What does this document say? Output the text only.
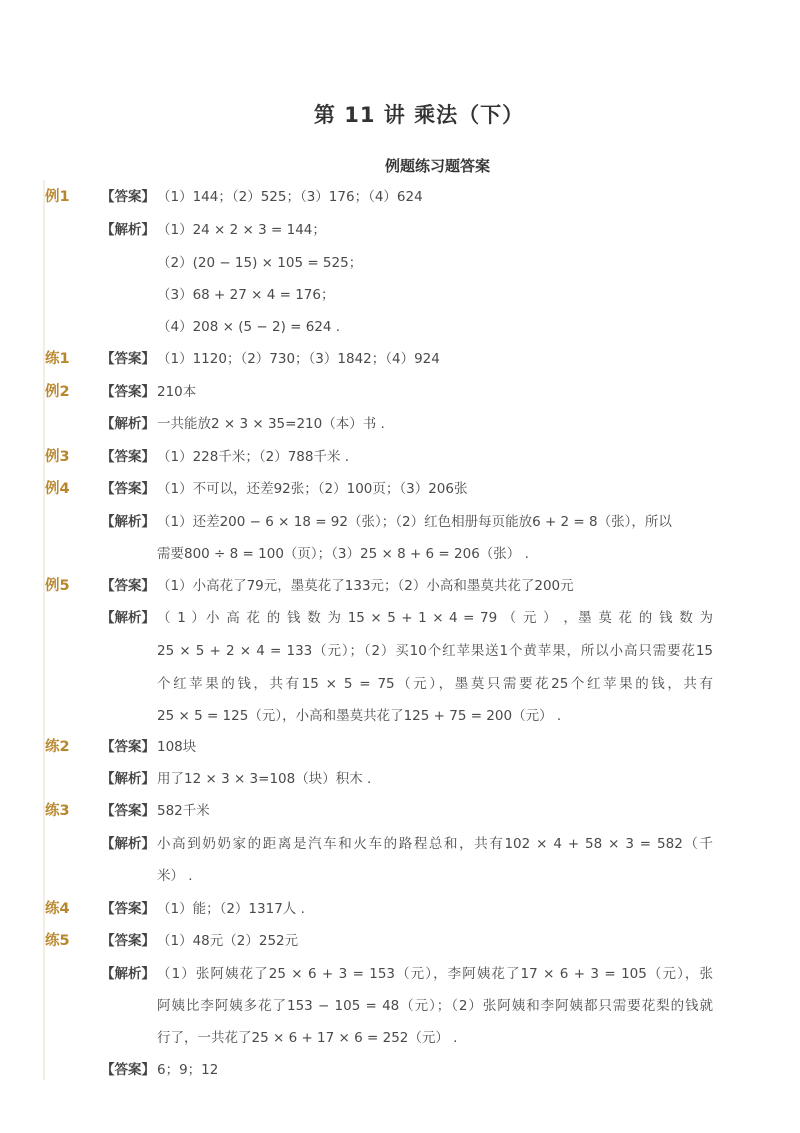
第 11 讲 乘法（下）
例题练习题答案
例1 【答案】 （1）144；（2）525；（3）176；（4）624
【解析】 （1）24 × 2 × 3 = 144；
（2）(20 − 15) × 105 = 525；
（3）68 + 27 × 4 = 176；
（4）208 × (5 − 2) = 624 .
练1 【答案】 （1）1120；（2）730；（3）1842；（4）924
例2 【答案】 210本
【解析】 一共能放2 × 3 × 35=210（本）书 .
例3 【答案】 （1）228千米；（2）788千米 .
例4 【答案】 （1）不可以，还差92张；（2）100页；（3）206张
【解析】 （1）还差200 − 6 × 18 = 92（张）；（2）红色相册每页能放6 + 2 = 8（张），所以
需要800 ÷ 8 = 100（页）；（3）25 × 8 + 6 = 206（张） .
例5 【答案】 （1）小高花了79元，墨莫花了133元；（2）小高和墨莫共花了200元
【解析】 （ 1 ）小 高 花 的 钱 数 为 15 × 5 + 1 × 4 = 79 （ 元 ） ，墨 莫 花 的 钱 数 为
25 × 5 + 2 × 4 = 133（元）；（2）买10个红苹果送1个黄苹果，所以小高只需要花15
个红苹果的钱，共有15 × 5 = 75（元），墨莫只需要花25个红苹果的钱，共有
25 × 5 = 125（元），小高和墨莫共花了125 + 75 = 200（元） .
练2 【答案】 108块
【解析】 用了12 × 3 × 3=108（块）积木 .
练3 【答案】 582千米
【解析】 小高到奶奶家的距离是汽车和火车的路程总和，共有102 × 4 + 58 × 3 = 582（千
米） .
练4 【答案】 （1）能；（2）1317人 .
练5 【答案】 （1）48元（2）252元
【解析】 （1）张阿姨花了25 × 6 + 3 = 153（元），李阿姨花了17 × 6 + 3 = 105（元），张
阿姨比李阿姨多花了153 − 105 = 48（元）；（2）张阿姨和李阿姨都只需要花梨的钱就
行了，一共花了25 × 6 + 17 × 6 = 252（元） .
【答案】 6；9；12
